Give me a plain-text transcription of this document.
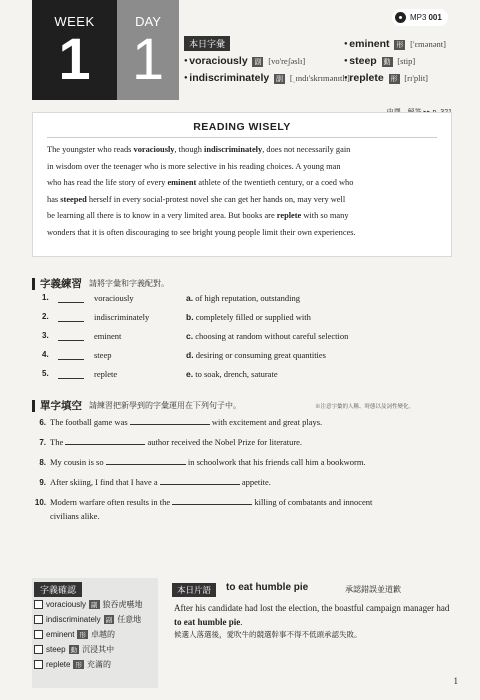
WEEK
1
DAY
1
MP3 001
本日字彙
● voraciously 副 [vo'reʃəslɪ]
● indiscriminately 副 [ˌɪndɪ'skrɪmənɪtlɪ]
● eminent 形 ['ɛmənənt]
● steep 動 [stip]
● replete 形 [rɪ'plit]
READING WISELY
The youngster who reads voraciously, though indiscriminately, does not necessarily gain
in wisdom over the teenager who is more selective in his reading choices. A young man
who has read the life story of every eminent athlete of the twentieth century, or a coed who
has steeped herself in every social-protest novel she can get her hands on, may very well
be learning all there is to know in a very limited area. But books are replete with so many
wonders that it is often discouraging to see bright young people limit their own experiences.
字義練習 請將字彙和字義配對。
1.	voraciously	a. of high reputation, outstanding
2.	indiscriminately	b. completely filled or supplied with
3.	eminent	c. choosing at random without careful selection
4.	steep	d. desiring or consuming great quantities
5.	replete	e. to soak, drench, saturate
單字填空 請練習把新學到的字彙運用在下列句子中。	※注意字彙的人稱、時態以及詞性變化。
6. The football game was	with excitement and great plays.
7. The	author received the Nobel Prize for literature.
8. My cousin is so	in schoolwork that his friends call him a bookworm.
9. After skiing, I find that I have a	appetite.
10. Modern warfare often results in the	killing of combatants and innocent
civilians alike.
字義確認
voraciously 副 狼吞虎嚥地
indiscriminately 副 任意地
eminent 形 卓越的
steep 動 沉浸其中
replete 形 充滿的
本日片語	to eat humble pie	承認錯誤並道歉
After his candidate had lost the election, the boastful campaign manager had to eat humble pie.
候選人落選後，愛吹牛的競選幹事不得不低頭承認失敗。
1
